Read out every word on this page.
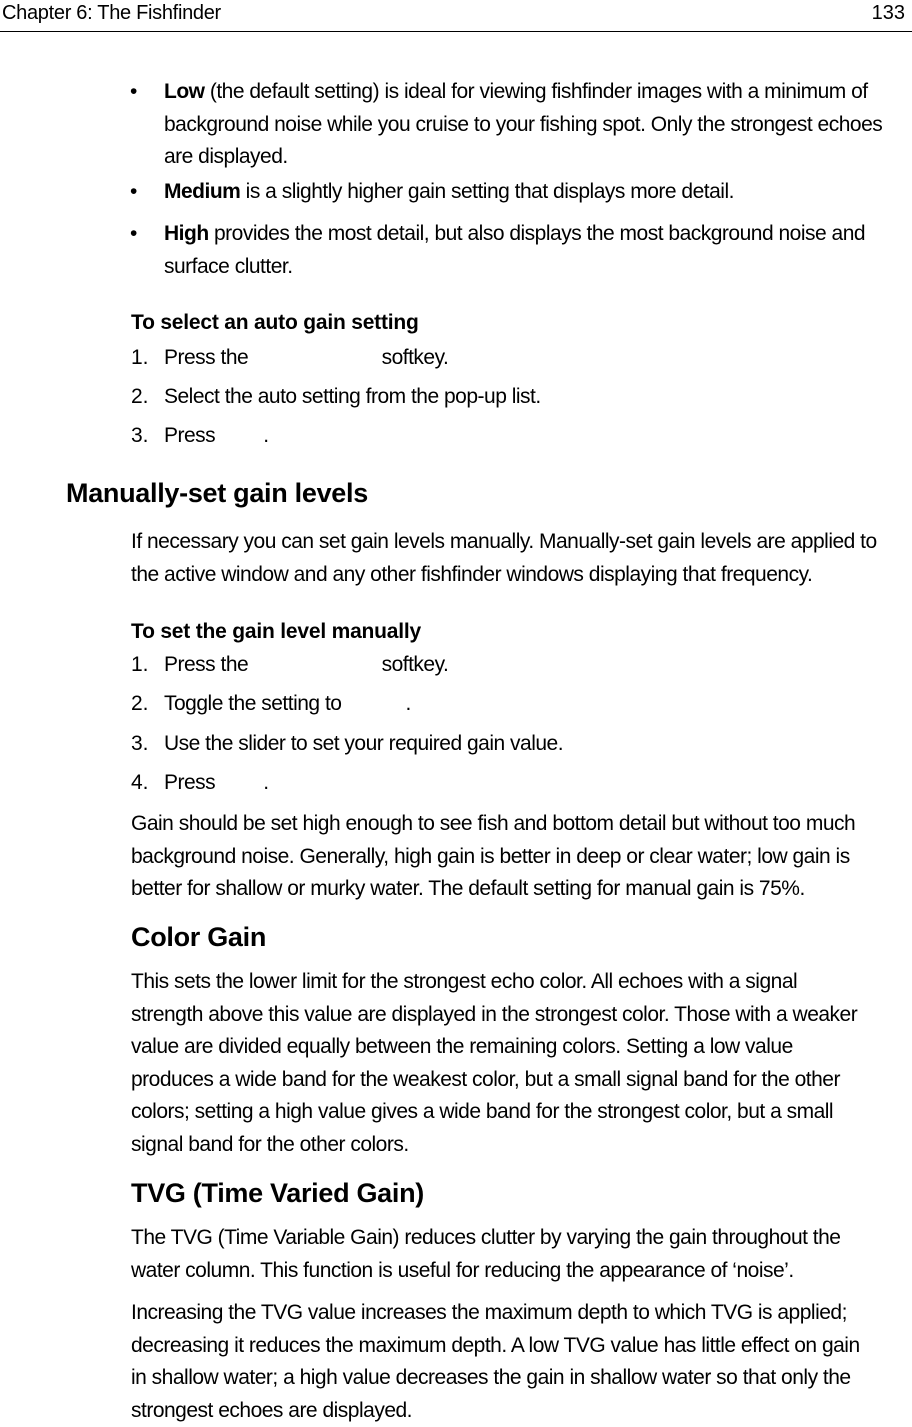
Chapter 6: The Fishfinder	133
• Low (the default setting) is ideal for viewing fishfinder images with a minimum of
background noise while you cruise to your fishing spot. Only the strongest echoes
are displayed.
• Medium is a slightly higher gain setting that displays more detail.
• High provides the most detail, but also displays the most background noise and
surface clutter.
To select an auto gain setting
1. Press the                         softkey.
2. Select the auto setting from the pop-up list.
3. Press         .
Manually-set gain levels
If necessary you can set gain levels manually. Manually-set gain levels are applied to
the active window and any other fishfinder windows displaying that frequency.
To set the gain level manually
1. Press the                         softkey.
2. Toggle the setting to            .
3. Use the slider to set your required gain value.
4. Press         .
Gain should be set high enough to see fish and bottom detail but without too much
background noise. Generally, high gain is better in deep or clear water; low gain is
better for shallow or murky water. The default setting for manual gain is 75%.
Color Gain
This sets the lower limit for the strongest echo color. All echoes with a signal
strength above this value are displayed in the strongest color. Those with a weaker
value are divided equally between the remaining colors. Setting a low value
produces a wide band for the weakest color, but a small signal band for the other
colors; setting a high value gives a wide band for the strongest color, but a small
signal band for the other colors.
TVG (Time Varied Gain)
The TVG (Time Variable Gain) reduces clutter by varying the gain throughout the
water column. This function is useful for reducing the appearance of ‘noise’.
Increasing the TVG value increases the maximum depth to which TVG is applied;
decreasing it reduces the maximum depth. A low TVG value has little effect on gain
in shallow water; a high value decreases the gain in shallow water so that only the
strongest echoes are displayed.
